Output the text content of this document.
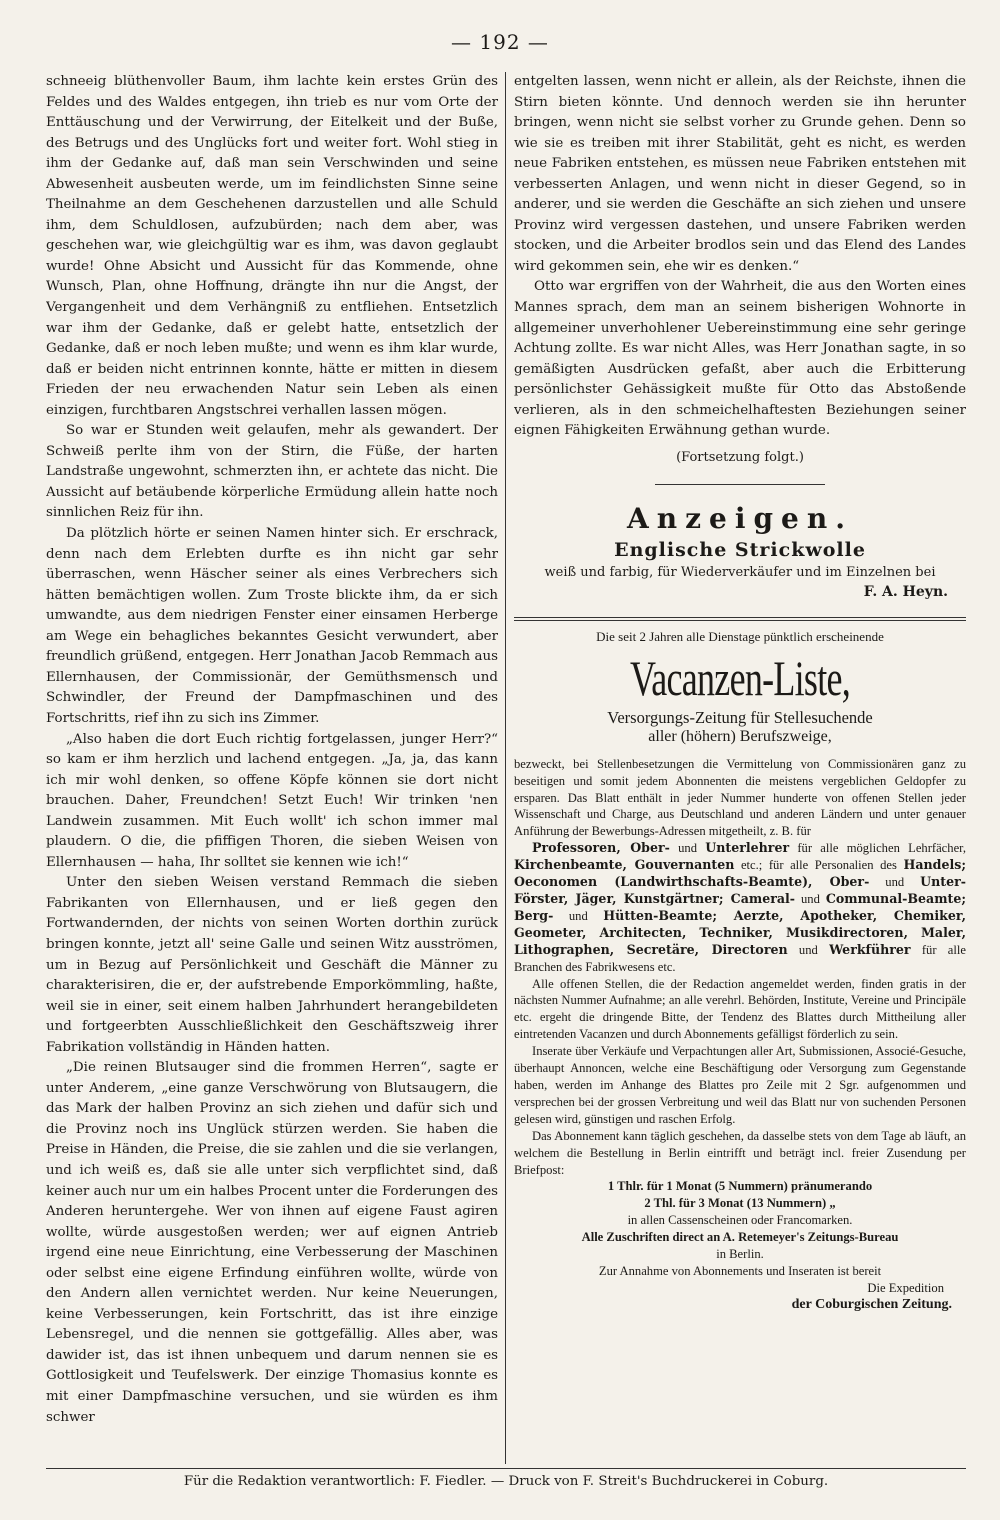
— 192 —

schneeig blüthenvoller Baum, ihm lachte kein erstes Grün des Feldes und des Waldes entgegen, ihn trieb es nur vom Orte der Enttäuschung und der Verwirrung, der Eitelkeit und der Buße, des Betrugs und des Unglücks fort und weiter fort. Wohl stieg in ihm der Gedanke auf, daß man sein Verschwinden und seine Abwesenheit ausbeuten werde, um im feindlichsten Sinne seine Theilnahme an dem Geschehenen darzustellen und alle Schuld ihm, dem Schuldlosen, aufzubürden; nach dem aber, was geschehen war, wie gleichgültig war es ihm, was davon geglaubt wurde! Ohne Absicht und Aussicht für das Kommende, ohne Wunsch, Plan, ohne Hoffnung, drängte ihn nur die Angst, der Vergangenheit und dem Verhängniß zu entfliehen. Entsetzlich war ihm der Gedanke, daß er gelebt hatte, entsetzlich der Gedanke, daß er noch leben mußte; und wenn es ihm klar wurde, daß er beiden nicht entrinnen konnte, hätte er mitten in diesem Frieden der neu erwachenden Natur sein Leben als einen einzigen, furchtbaren Angstschrei verhallen lassen mögen.

So war er Stunden weit gelaufen, mehr als gewandert. Der Schweiß perlte ihm von der Stirn, die Füße, der harten Landstraße ungewohnt, schmerzten ihn, er achtete das nicht. Die Aussicht auf betäubende körperliche Ermüdung allein hatte noch sinnlichen Reiz für ihn.

Da plötzlich hörte er seinen Namen hinter sich. Er erschrack, denn nach dem Erlebten durfte es ihn nicht gar sehr überraschen, wenn Häscher seiner als eines Verbrechers sich hätten bemächtigen wollen. Zum Troste blickte ihm, da er sich umwandte, aus dem niedrigen Fenster einer einsamen Herberge am Wege ein behagliches bekanntes Gesicht verwundert, aber freundlich grüßend, entgegen. Herr Jonathan Jacob Remmach aus Ellernhausen, der Commissionär, der Gemüthsmensch und Schwindler, der Freund der Dampfmaschinen und des Fortschritts, rief ihn zu sich ins Zimmer.

„Also haben die dort Euch richtig fortgelassen, junger Herr?“ so kam er ihm herzlich und lachend entgegen. „Ja, ja, das kann ich mir wohl denken, so offene Köpfe können sie dort nicht brauchen. Daher, Freundchen! Setzt Euch! Wir trinken 'nen Landwein zusammen. Mit Euch wollt' ich schon immer mal plaudern. O die, die pfiffigen Thoren, die sieben Weisen von Ellernhausen — haha, Ihr solltet sie kennen wie ich!“

Unter den sieben Weisen verstand Remmach die sieben Fabrikanten von Ellernhausen, und er ließ gegen den Fortwandernden, der nichts von seinen Worten dorthin zurück bringen konnte, jetzt all' seine Galle und seinen Witz ausströmen, um in Bezug auf Persönlichkeit und Geschäft die Männer zu charakterisiren, die er, der aufstrebende Emporkömmling, haßte, weil sie in einer, seit einem halben Jahrhundert herangebildeten und fortgeerbten Ausschließlichkeit den Geschäftszweig ihrer Fabrikation vollständig in Händen hatten.

„Die reinen Blutsauger sind die frommen Herren“, sagte er unter Anderem, „eine ganze Verschwörung von Blutsaugern, die das Mark der halben Provinz an sich ziehen und dafür sich und die Provinz noch ins Unglück stürzen werden. Sie haben die Preise in Händen, die Preise, die sie zahlen und die sie verlangen, und ich weiß es, daß sie alle unter sich verpflichtet sind, daß keiner auch nur um ein halbes Procent unter die Forderungen des Anderen heruntergehe. Wer von ihnen auf eigene Faust agiren wollte, würde ausgestoßen werden; wer auf eignen Antrieb irgend eine neue Einrichtung, eine Verbesserung der Maschinen oder selbst eine eigene Erfindung einführen wollte, würde von den Andern allen vernichtet werden. Nur keine Neuerungen, keine Verbesserungen, kein Fortschritt, das ist ihre einzige Lebensregel, und die nennen sie gottgefällig. Alles aber, was dawider ist, das ist ihnen unbequem und darum nennen sie es Gottlosigkeit und Teufelswerk. Der einzige Thomasius konnte es mit einer Dampfmaschine versuchen, und sie würden es ihm schwer

entgelten lassen, wenn nicht er allein, als der Reichste, ihnen die Stirn bieten könnte. Und dennoch werden sie ihn herunter bringen, wenn nicht sie selbst vorher zu Grunde gehen. Denn so wie sie es treiben mit ihrer Stabilität, geht es nicht, es werden neue Fabriken entstehen, es müssen neue Fabriken entstehen mit verbesserten Anlagen, und wenn nicht in dieser Gegend, so in anderer, und sie werden die Geschäfte an sich ziehen und unsere Provinz wird vergessen dastehen, und unsere Fabriken werden stocken, und die Arbeiter brodlos sein und das Elend des Landes wird gekommen sein, ehe wir es denken.“

Otto war ergriffen von der Wahrheit, die aus den Worten eines Mannes sprach, dem man an seinem bisherigen Wohnorte in allgemeiner unverhohlener Uebereinstimmung eine sehr geringe Achtung zollte. Es war nicht Alles, was Herr Jonathan sagte, in so gemäßigten Ausdrücken gefaßt, aber auch die Erbitterung persönlichster Gehässigkeit mußte für Otto das Abstoßende verlieren, als in den schmeichelhaftesten Beziehungen seiner eignen Fähigkeiten Erwähnung gethan wurde.

(Fortsetzung folgt.)
Anzeigen.
Englische Strickwolle
weiß und farbig, für Wiederverkäufer und im Einzelnen bei
F. A. Heyn.
Die seit 2 Jahren alle Dienstage pünktlich erscheinende
Vacanzen-Liste,
Versorgungs-Zeitung für Stellesuchende
aller (höhern) Berufszweige,

bezweckt, bei Stellenbesetzungen die Vermittelung von Commissionären ganz zu beseitigen und somit jedem Abonnenten die meistens vergeblichen Geldopfer zu ersparen. Das Blatt enthält in jeder Nummer hunderte von offenen Stellen jeder Wissenschaft und Charge, aus Deutschland und anderen Ländern und unter genauer Anführung der Bewerbungs-Adressen mitgetheilt, z. B. für

Professoren, Ober- und Unterlehrer für alle möglichen Lehrfächer, Kirchenbeamte, Gouvernanten etc.; für alle Personalien des Handels; Oeconomen (Landwirthschafts-Beamte), Ober- und Unter-Förster, Jäger, Kunstgärtner; Cameral- und Communal-Beamte; Berg- und Hütten-Beamte; Aerzte, Apotheker, Chemiker, Geometer, Architecten, Techniker, Musikdirectoren, Maler, Lithographen, Secretäre, Directoren und Werkführer für alle Branchen des Fabrikwesens etc.

Alle offenen Stellen, die der Redaction angemeldet werden, finden gratis in der nächsten Nummer Aufnahme; an alle verehrl. Behörden, Institute, Vereine und Principäle etc. ergeht die dringende Bitte, der Tendenz des Blattes durch Mittheilung aller eintretenden Vacanzen und durch Abonnements gefälligst förderlich zu sein.

Inserate über Verkäufe und Verpachtungen aller Art, Submissionen, Associé-Gesuche, überhaupt Annoncen, welche eine Beschäftigung oder Versorgung zum Gegenstande haben, werden im Anhange des Blattes pro Zeile mit 2 Sgr. aufgenommen und versprechen bei der grossen Verbreitung und weil das Blatt nur von suchenden Personen gelesen wird, günstigen und raschen Erfolg.

Das Abonnement kann täglich geschehen, da dasselbe stets von dem Tage ab läuft, an welchem die Bestellung in Berlin eintrifft und beträgt incl. freier Zusendung per Briefpost:

1 Thlr. für 1 Monat (5 Nummern) pränumerando

2 Thl. für 3 Monat (13 Nummern) „

in allen Cassenscheinen oder Francomarken.

Alle Zuschriften direct an A. Retemeyer's Zeitungs-Bureau

in Berlin.

Zur Annahme von Abonnements und Inseraten ist bereit

Die Expedition

der Coburgischen Zeitung.

Für die Redaktion verantwortlich: F. Fiedler. — Druck von F. Streit's Buchdruckerei in Coburg.
